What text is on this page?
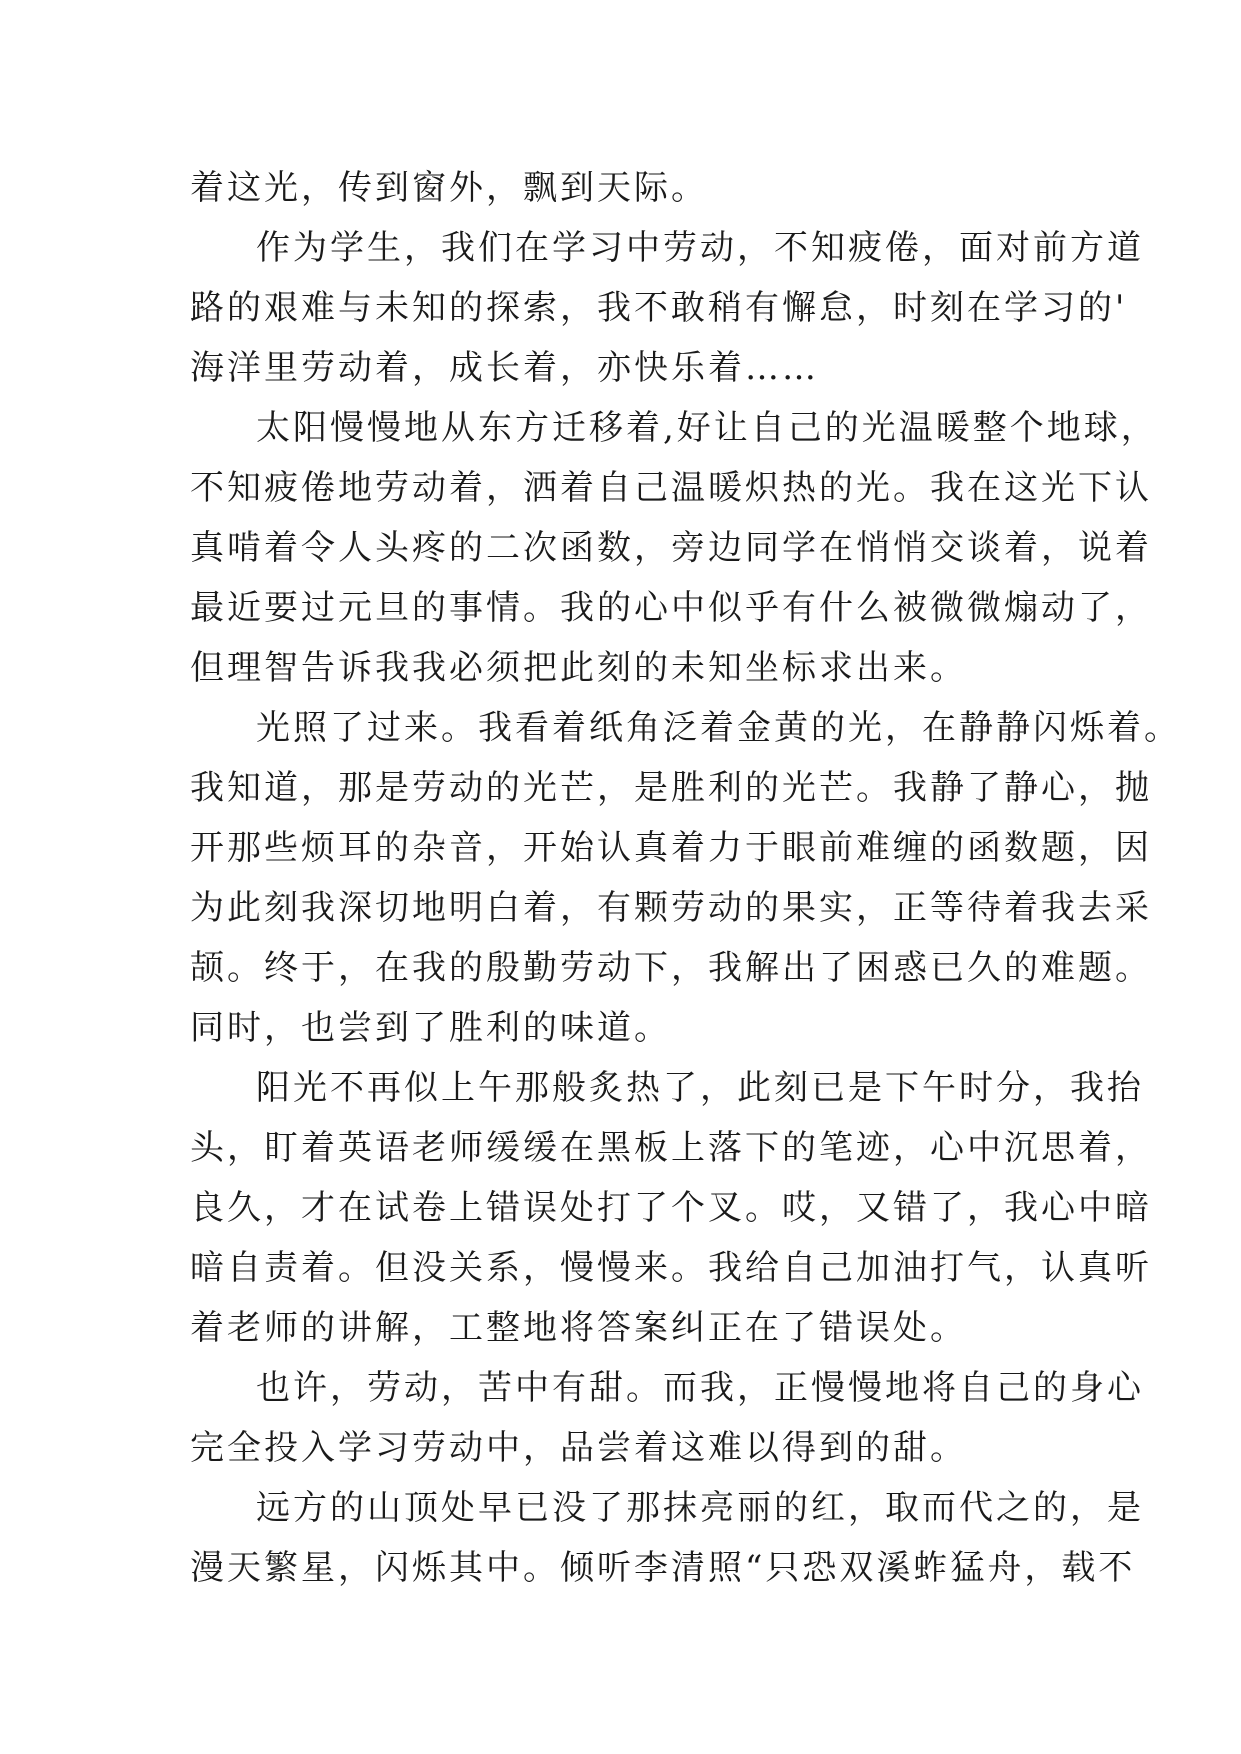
着这光，传到窗外，飘到天际。
作为学生，我们在学习中劳动，不知疲倦，面对前方道
路的艰难与未知的探索，我不敢稍有懈怠，时刻在学习的'
海洋里劳动着，成长着，亦快乐着……
太阳慢慢地从东方迁移着,好让自己的光温暖整个地球，
不知疲倦地劳动着，洒着自己温暖炽热的光。我在这光下认
真啃着令人头疼的二次函数，旁边同学在悄悄交谈着，说着
最近要过元旦的事情。我的心中似乎有什么被微微煽动了，
但理智告诉我我必须把此刻的未知坐标求出来。
光照了过来。我看着纸角泛着金黄的光，在静静闪烁着。
我知道，那是劳动的光芒，是胜利的光芒。我静了静心，抛
开那些烦耳的杂音，开始认真着力于眼前难缠的函数题，因
为此刻我深切地明白着，有颗劳动的果实，正等待着我去采
颉。终于，在我的殷勤劳动下，我解出了困惑已久的难题。
同时，也尝到了胜利的味道。
阳光不再似上午那般炙热了，此刻已是下午时分，我抬
头，盯着英语老师缓缓在黑板上落下的笔迹，心中沉思着，
良久，才在试卷上错误处打了个叉。哎，又错了，我心中暗
暗自责着。但没关系，慢慢来。我给自己加油打气，认真听
着老师的讲解，工整地将答案纠正在了错误处。
也许，劳动，苦中有甜。而我，正慢慢地将自己的身心
完全投入学习劳动中，品尝着这难以得到的甜。
远方的山顶处早已没了那抹亮丽的红，取而代之的，是
漫天繁星，闪烁其中。倾听李清照“只恐双溪蚱猛舟，载不
